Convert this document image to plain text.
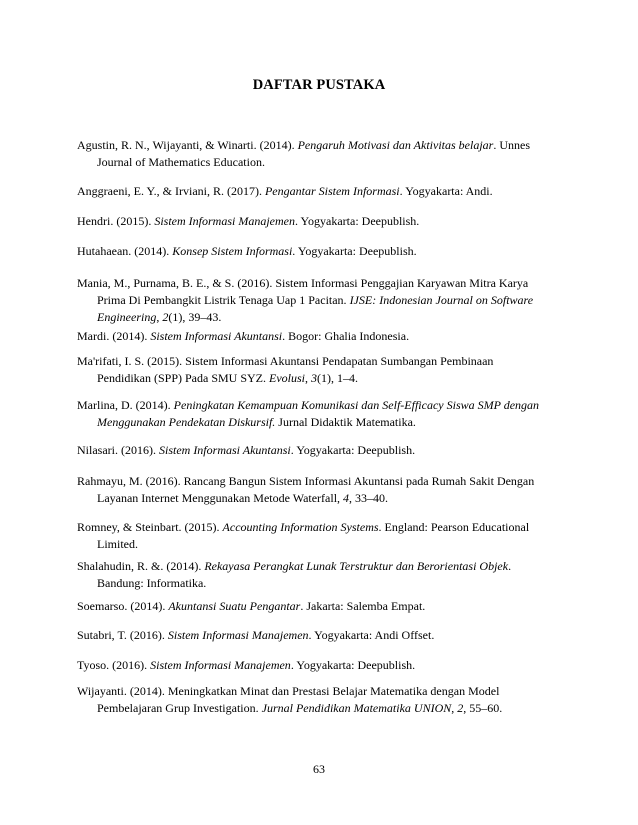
DAFTAR PUSTAKA
Agustin, R. N., Wijayanti, & Winarti. (2014). Pengaruh Motivasi dan Aktivitas belajar. Unnes
Journal of Mathematics Education.
Anggraeni, E. Y., & Irviani, R. (2017). Pengantar Sistem Informasi. Yogyakarta: Andi.
Hendri. (2015). Sistem Informasi Manajemen. Yogyakarta: Deepublish.
Hutahaean. (2014). Konsep Sistem Informasi. Yogyakarta: Deepublish.
Mania, M., Purnama, B. E., & S. (2016). Sistem Informasi Penggajian Karyawan Mitra Karya
Prima Di Pembangkit Listrik Tenaga Uap 1 Pacitan. IJSE: Indonesian Journal on Software
Engineering, 2(1), 39–43.
Mardi. (2014). Sistem Informasi Akuntansi. Bogor: Ghalia Indonesia.
Ma'rifati, I. S. (2015). Sistem Informasi Akuntansi Pendapatan Sumbangan Pembinaan
Pendidikan (SPP) Pada SMU SYZ. Evolusi, 3(1), 1–4.
Marlina, D. (2014). Peningkatan Kemampuan Komunikasi dan Self-Efficacy Siswa SMP dengan
Menggunakan Pendekatan Diskursif. Jurnal Didaktik Matematika.
Nilasari. (2016). Sistem Informasi Akuntansi. Yogyakarta: Deepublish.
Rahmayu, M. (2016). Rancang Bangun Sistem Informasi Akuntansi pada Rumah Sakit Dengan
Layanan Internet Menggunakan Metode Waterfall, 4, 33–40.
Romney, & Steinbart. (2015). Accounting Information Systems. England: Pearson Educational
Limited.
Shalahudin, R. &. (2014). Rekayasa Perangkat Lunak Terstruktur dan Berorientasi Objek.
Bandung: Informatika.
Soemarso. (2014). Akuntansi Suatu Pengantar. Jakarta: Salemba Empat.
Sutabri, T. (2016). Sistem Informasi Manajemen. Yogyakarta: Andi Offset.
Tyoso. (2016). Sistem Informasi Manajemen. Yogyakarta: Deepublish.
Wijayanti. (2014). Meningkatkan Minat dan Prestasi Belajar Matematika dengan Model
Pembelajaran Grup Investigation. Jurnal Pendidikan Matematika UNION, 2, 55–60.
63
